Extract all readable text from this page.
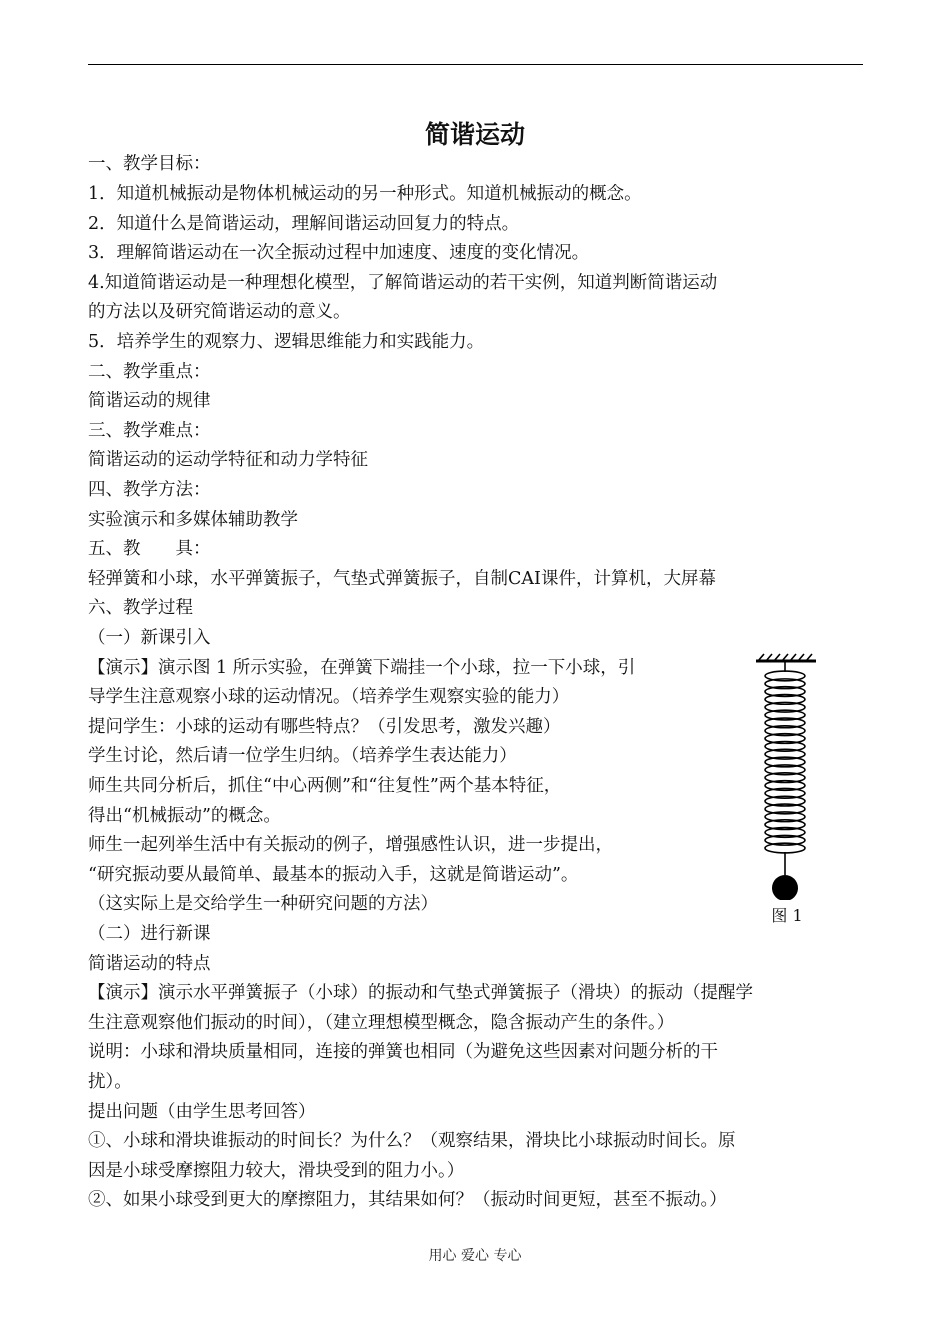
简谐运动
一、教学目标：
1．知道机械振动是物体机械运动的另一种形式。知道机械振动的概念。
2．知道什么是简谐运动，理解间谐运动回复力的特点。
3．理解简谐运动在一次全振动过程中加速度、速度的变化情况。
4.知道简谐运动是一种理想化模型，了解简谐运动的若干实例，知道判断简谐运动
的方法以及研究简谐运动的意义。
5．培养学生的观察力、逻辑思维能力和实践能力。
二、教学重点：
简谐运动的规律
三、教学难点：
简谐运动的运动学特征和动力学特征
四、教学方法：
实验演示和多媒体辅助教学
五、教　　具：
轻弹簧和小球，水平弹簧振子，气垫式弹簧振子，自制CAI课件，计算机，大屏幕
六、教学过程
（一）新课引入
【演示】演示图 1 所示实验，在弹簧下端挂一个小球，拉一下小球，引
导学生注意观察小球的运动情况。（培养学生观察实验的能力）
提问学生：小球的运动有哪些特点？（引发思考，激发兴趣）
学生讨论，然后请一位学生归纳。（培养学生表达能力）
师生共同分析后，抓住“中心两侧”和“往复性”两个基本特征，
得出“机械振动”的概念。
师生一起列举生活中有关振动的例子，增强感性认识，进一步提出，
“研究振动要从最简单、最基本的振动入手，这就是简谐运动”。
（这实际上是交给学生一种研究问题的方法）
（二）进行新课
简谐运动的特点
【演示】演示水平弹簧振子（小球）的振动和气垫式弹簧振子（滑块）的振动（提醒学
生注意观察他们振动的时间），（建立理想模型概念，隐含振动产生的条件。）
说明：小球和滑块质量相同，连接的弹簧也相同（为避免这些因素对问题分析的干
扰）。
提出问题（由学生思考回答）
①、小球和滑块谁振动的时间长？为什么？（观察结果，滑块比小球振动时间长。原
因是小球受摩擦阻力较大，滑块受到的阻力小。）
②、如果小球受到更大的摩擦阻力，其结果如何？（振动时间更短，甚至不振动。）
图 1
用心 爱心 专心
